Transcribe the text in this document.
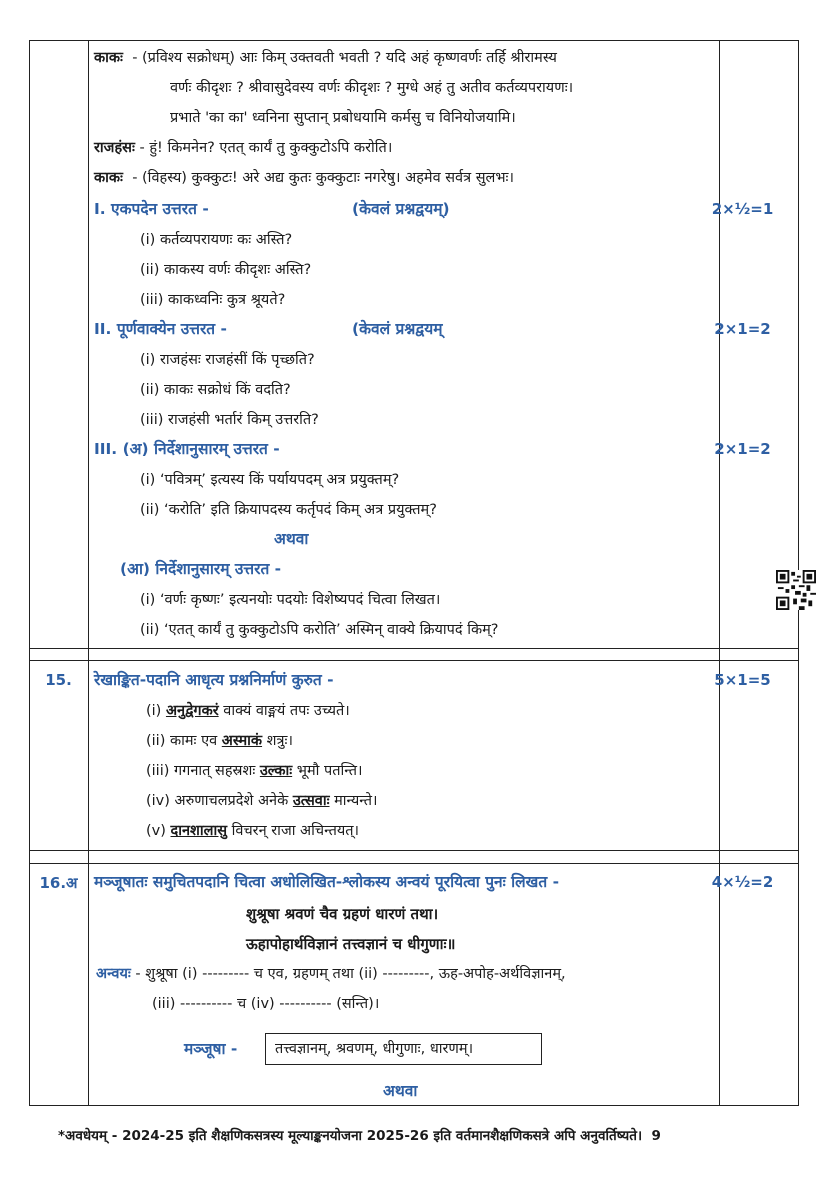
काकः - (प्रविश्य सक्रोधम्) आः किम् उक्तवती भवती ? यदि अहं कृष्णवर्णः तर्हि श्रीरामस्य
वर्णः कीदृशः ? श्रीवासुदेवस्य वर्णः कीदृशः ? मुग्धे अहं तु अतीव कर्तव्यपरायणः।
प्रभाते 'का का' ध्वनिना सुप्तान् प्रबोधयामि कर्मसु च विनियोजयामि।
राजहंसः - हुं! किमनेन? एतत् कार्यं तु कुक्कुटोऽपि करोति।
काकः - (विहस्य) कुक्कुटः! अरे अद्य कुतः कुक्कुटाः नगरेषु। अहमेव सर्वत्र सुलभः।
I. एकपदेन उत्तरत -	(केवलं प्रश्नद्वयम्)	2×½=1
(i) कर्तव्यपरायणः कः अस्ति?
(ii) काकस्य वर्णः कीदृशः अस्ति?
(iii) काकध्वनिः कुत्र श्रूयते?
II. पूर्णवाक्येन उत्तरत -	(केवलं प्रश्नद्वयम्	2×1=2
(i) राजहंसः राजहंसीं किं पृच्छति?
(ii) काकः सक्रोधं किं वदति?
(iii) राजहंसी भर्तारं किम् उत्तरति?
III. (अ) निर्देशानुसारम् उत्तरत -	2×1=2
(i) ‘पवित्रम्’ इत्यस्य किं पर्यायपदम् अत्र प्रयुक्तम्?
(ii) ‘करोति’ इति क्रियापदस्य कर्तृपदं किम् अत्र प्रयुक्तम्?
अथवा
(आ) निर्देशानुसारम् उत्तरत -
(i) ‘वर्णः कृष्णः’ इत्यनयोः पदयोः विशेष्यपदं चित्वा लिखत।
(ii) ‘एतत् कार्यं तु कुक्कुटोऽपि करोति’ अस्मिन् वाक्ये क्रियापदं किम्?
15.	रेखाङ्कित-पदानि आधृत्य प्रश्ननिर्माणं कुरुत -	5×1=5
(i) अनुद्वेगकरं वाक्यं वाङ्मयं तपः उच्यते।
(ii) कामः एव अस्माकं शत्रुः।
(iii) गगनात् सहस्रशः उल्काः भूमौ पतन्ति।
(iv) अरुणाचलप्रदेशे अनेके उत्सवाः मान्यन्ते।
(v) दानशालासु विचरन् राजा अचिन्तयत्।
16.अ	मञ्जूषातः समुचितपदानि चित्वा अधोलिखित-श्लोकस्य अन्वयं पूरयित्वा पुनः लिखत -	4×½=2
शुश्रूषा श्रवणं चैव ग्रहणं धारणं तथा।
ऊहापोहार्थविज्ञानं तत्त्वज्ञानं च धीगुणाः॥
अन्वयः - शुश्रूषा (i) --------- च एव, ग्रहणम् तथा (ii) ---------, ऊह-अपोह-अर्थविज्ञानम्,
(iii) ---------- च (iv) ---------- (सन्ति)।
मञ्जूषा -	तत्त्वज्ञानम्, श्रवणम्, धीगुणाः, धारणम्।
अथवा
*अवधेयम् - 2024-25 इति शैक्षणिकसत्रस्य मूल्याङ्कनयोजना 2025-26 इति वर्तमानशैक्षणिकसत्रे अपि अनुवर्तिष्यते। 9
